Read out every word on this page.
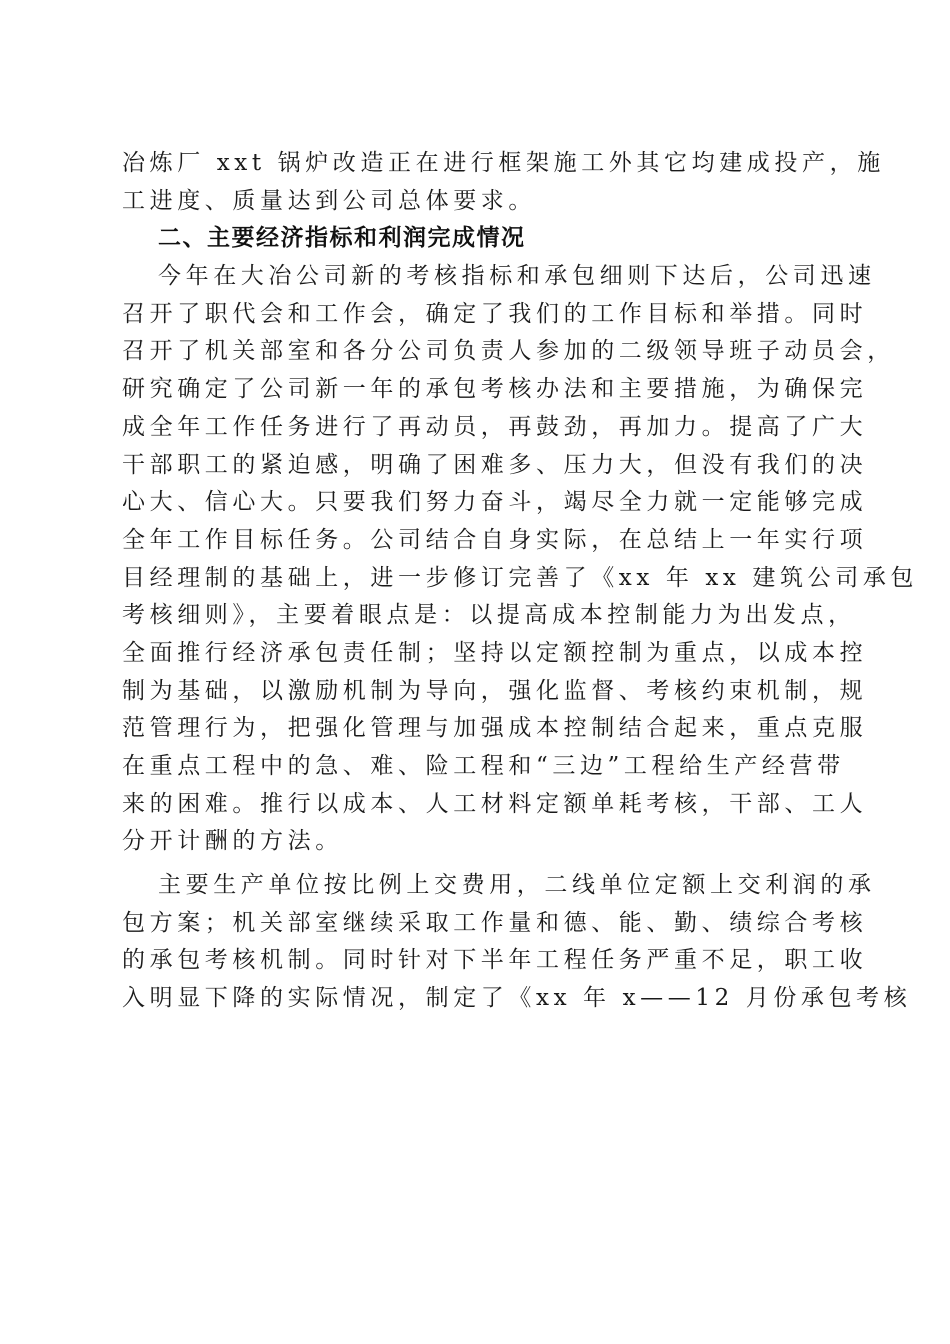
冶炼厂 xxt 锅炉改造正在进行框架施工外其它均建成投产，施
工进度、质量达到公司总体要求。
二、主要经济指标和利润完成情况
今年在大冶公司新的考核指标和承包细则下达后，公司迅速
召开了职代会和工作会，确定了我们的工作目标和举措。同时
召开了机关部室和各分公司负责人参加的二级领导班子动员会，
研究确定了公司新一年的承包考核办法和主要措施，为确保完
成全年工作任务进行了再动员，再鼓劲，再加力。提高了广大
干部职工的紧迫感，明确了困难多、压力大，但没有我们的决
心大、信心大。只要我们努力奋斗，竭尽全力就一定能够完成
全年工作目标任务。公司结合自身实际，在总结上一年实行项
目经理制的基础上，进一步修订完善了《xx 年 xx 建筑公司承包
考核细则》，主要着眼点是：以提高成本控制能力为出发点，
全面推行经济承包责任制；坚持以定额控制为重点，以成本控
制为基础，以激励机制为导向，强化监督、考核约束机制，规
范管理行为，把强化管理与加强成本控制结合起来，重点克服
在重点工程中的急、难、险工程和“三边”工程给生产经营带
来的困难。推行以成本、人工材料定额单耗考核，干部、工人
分开计酬的方法。
主要生产单位按比例上交费用，二线单位定额上交利润的承
包方案；机关部室继续采取工作量和德、能、勤、绩综合考核
的承包考核机制。同时针对下半年工程任务严重不足，职工收
入明显下降的实际情况，制定了《xx 年 x——12 月份承包考核
